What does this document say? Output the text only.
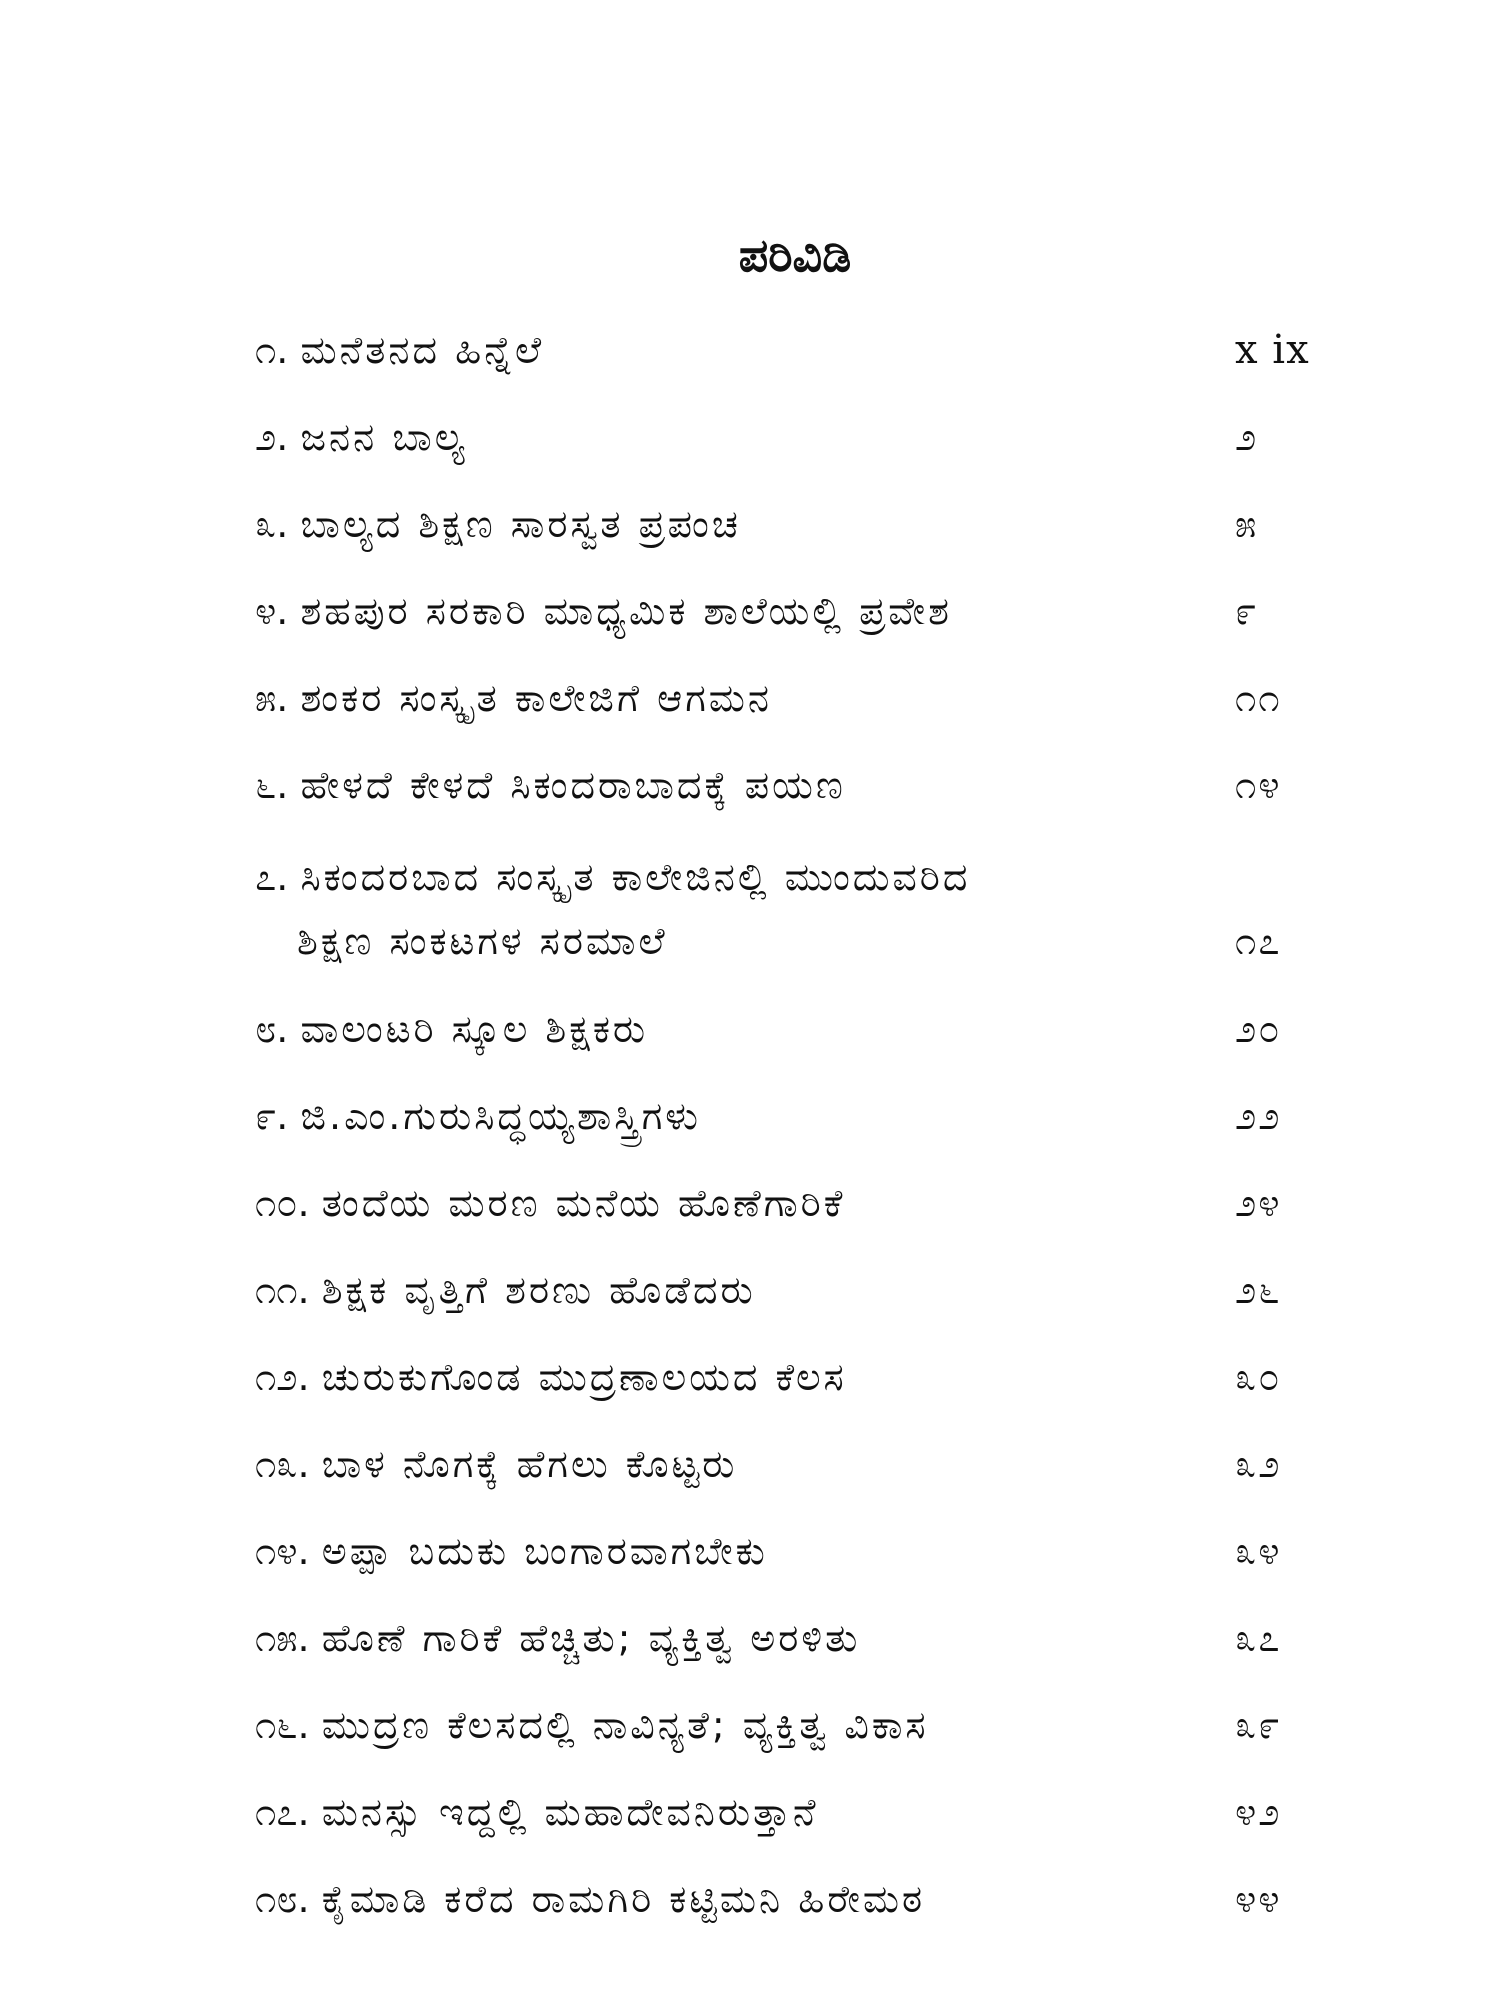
ಪರಿವಿಡಿ
೧. ಮನೆತನದ ಹಿನ್ನೆಲೆ	x ix
೨. ಜನನ ಬಾಲ್ಯ	೨
೩. ಬಾಲ್ಯದ ಶಿಕ್ಷಣ ಸಾರಸ್ವತ ಪ್ರಪಂಚ	೫
೪. ಶಹಪುರ ಸರಕಾರಿ ಮಾಧ್ಯಮಿಕ ಶಾಲೆಯಲ್ಲಿ ಪ್ರವೇಶ	೯
೫. ಶಂಕರ ಸಂಸ್ಕೃತ ಕಾಲೇಜಿಗೆ ಆಗಮನ	೧೧
೬. ಹೇಳದೆ ಕೇಳದೆ ಸಿಕಂದರಾಬಾದಕ್ಕೆ ಪಯಣ	೧೪
೭. ಸಿಕಂದರಬಾದ ಸಂಸ್ಕೃತ ಕಾಲೇಜಿನಲ್ಲಿ ಮುಂದುವರಿದ
ಶಿಕ್ಷಣ ಸಂಕಟಗಳ ಸರಮಾಲೆ	೧೭
೮. ವಾಲಂಟರಿ ಸ್ಕೂಲ ಶಿಕ್ಷಕರು	೨೦
೯. ಜಿ.ಎಂ.ಗುರುಸಿದ್ಧಯ್ಯಶಾಸ್ತ್ರಿಗಳು	೨೨
೧೦. ತಂದೆಯ ಮರಣ ಮನೆಯ ಹೊಣೆಗಾರಿಕೆ	೨೪
೧೧. ಶಿಕ್ಷಕ ವೃತ್ತಿಗೆ ಶರಣು ಹೊಡೆದರು	೨೬
೧೨. ಚುರುಕುಗೊಂಡ ಮುದ್ರಣಾಲಯದ ಕೆಲಸ	೩೦
೧೩. ಬಾಳ ನೊಗಕ್ಕೆ ಹೆಗಲು ಕೊಟ್ಟರು	೩೨
೧೪. ಅಪ್ಪಾ ಬದುಕು ಬಂಗಾರವಾಗಬೇಕು	೩೪
೧೫. ಹೊಣೆ ಗಾರಿಕೆ ಹೆಚ್ಚಿತು; ವ್ಯಕ್ತಿತ್ವ ಅರಳಿತು	೩೭
೧೬. ಮುದ್ರಣ ಕೆಲಸದಲ್ಲಿ ನಾವಿನ್ಯತೆ; ವ್ಯಕ್ತಿತ್ವ ವಿಕಾಸ	೩೯
೧೭. ಮನಸ್ಸು ಇದ್ದಲ್ಲಿ ಮಹಾದೇವನಿರುತ್ತಾನೆ	೪೨
೧೮. ಕೈಮಾಡಿ ಕರೆದ ರಾಮಗಿರಿ ಕಟ್ಟಿಮನಿ ಹಿರೇಮಠ	೪೪
